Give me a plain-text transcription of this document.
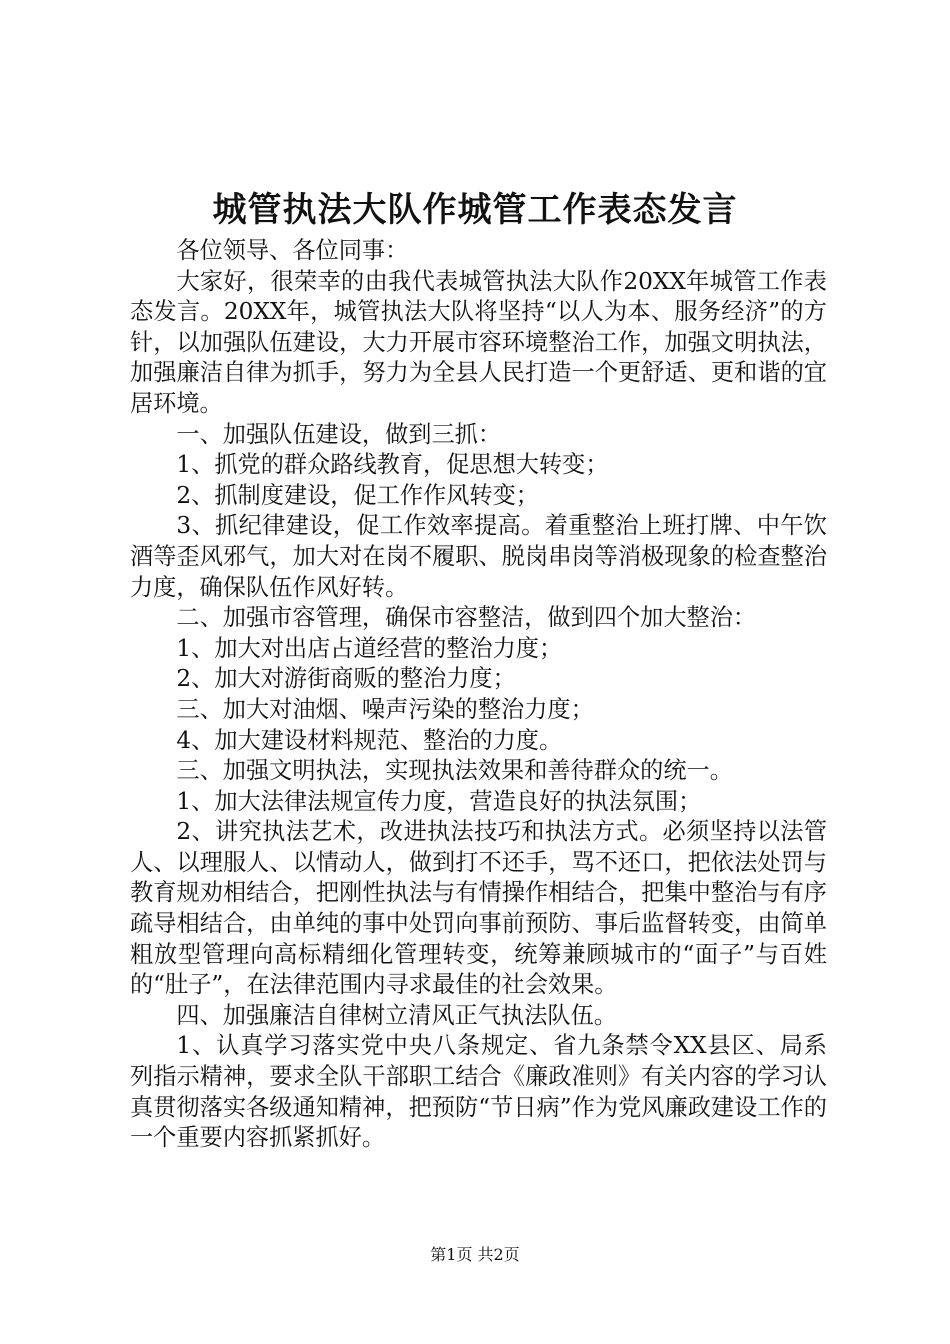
城管执法大队作城管工作表态发言

各位领导、各位同事：

大家好，很荣幸的由我代表城管执法大队作20XX年城管工作表态发言。20XX年，城管执法大队将坚持“以人为本、服务经济”的方针，以加强队伍建设，大力开展市容环境整治工作，加强文明执法，加强廉洁自律为抓手，努力为全县人民打造一个更舒适、更和谐的宜居环境。

一、加强队伍建设，做到三抓：

1、抓党的群众路线教育，促思想大转变；

2、抓制度建设，促工作作风转变；

3、抓纪律建设，促工作效率提高。着重整治上班打牌、中午饮酒等歪风邪气，加大对在岗不履职、脱岗串岗等消极现象的检查整治力度，确保队伍作风好转。

二、加强市容管理，确保市容整洁，做到四个加大整治：

1、加大对出店占道经营的整治力度；

2、加大对游街商贩的整治力度；

三、加大对油烟、噪声污染的整治力度；

4、加大建设材料规范、整治的力度。

三、加强文明执法，实现执法效果和善待群众的统一。

1、加大法律法规宣传力度，营造良好的执法氛围；

2、讲究执法艺术，改进执法技巧和执法方式。必须坚持以法管人、以理服人、以情动人，做到打不还手，骂不还口，把依法处罚与教育规劝相结合，把刚性执法与有情操作相结合，把集中整治与有序疏导相结合，由单纯的事中处罚向事前预防、事后监督转变，由简单粗放型管理向高标精细化管理转变，统筹兼顾城市的“面子”与百姓的“肚子”，在法律范围内寻求最佳的社会效果。

四、加强廉洁自律树立清风正气执法队伍。

1、认真学习落实党中央八条规定、省九条禁令XX县区、局系列指示精神，要求全队干部职工结合《廉政准则》有关内容的学习认真贯彻落实各级通知精神，把预防“节日病”作为党风廉政建设工作的一个重要内容抓紧抓好。

第1页 共2页
